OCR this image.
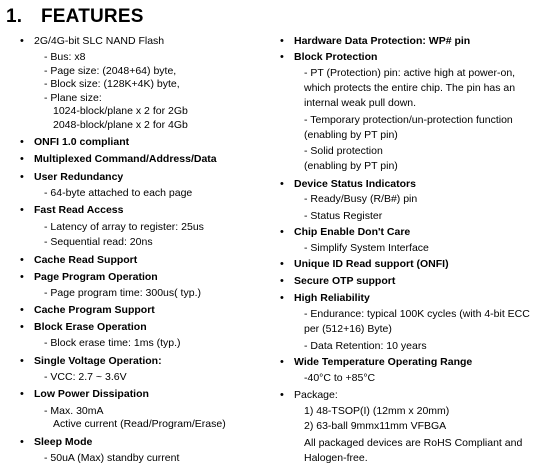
1. FEATURES
•
2G/4G-bit SLC NAND Flash
- Bus: x8
- Page size: (2048+64) byte,
- Block size: (128K+4K) byte,
- Plane size:
1024-block/plane x 2 for 2Gb
2048-block/plane x 2 for 4Gb
•
ONFI 1.0 compliant
•
Multiplexed Command/Address/Data
•
User Redundancy
- 64-byte attached to each page
•
Fast Read Access
- Latency of array to register: 25us
- Sequential read: 20ns
•
Cache Read Support
•
Page Program Operation
- Page program time: 300us( typ.)
•
Cache Program Support
•
Block Erase Operation
- Block erase time: 1ms (typ.)
•
Single Voltage Operation:
- VCC: 2.7 ~ 3.6V
•
Low Power Dissipation
- Max. 30mA
Active current (Read/Program/Erase)
•
Sleep Mode
- 50uA (Max) standby current
•
Hardware Data Protection: WP# pin
•
Block Protection
- PT (Protection) pin: active high at power-on,
which protects the entire chip. The pin has an
internal weak pull down.
- Temporary protection/un-protection function
(enabling by PT pin)
- Solid protection
(enabling by PT pin)
•
Device Status Indicators
- Ready/Busy (R/B#) pin
- Status Register
•
Chip Enable Don't Care
- Simplify System Interface
•
Unique ID Read support (ONFI)
•
Secure OTP support
•
High Reliability
- Endurance: typical 100K cycles (with 4-bit ECC
per (512+16) Byte)
- Data Retention: 10 years
•
Wide Temperature Operating Range
-40°C to +85°C
•
Package:
1) 48-TSOP(I) (12mm x 20mm)
2) 63-ball 9mmx11mm VFBGA
All packaged devices are RoHS Compliant and
Halogen-free.
